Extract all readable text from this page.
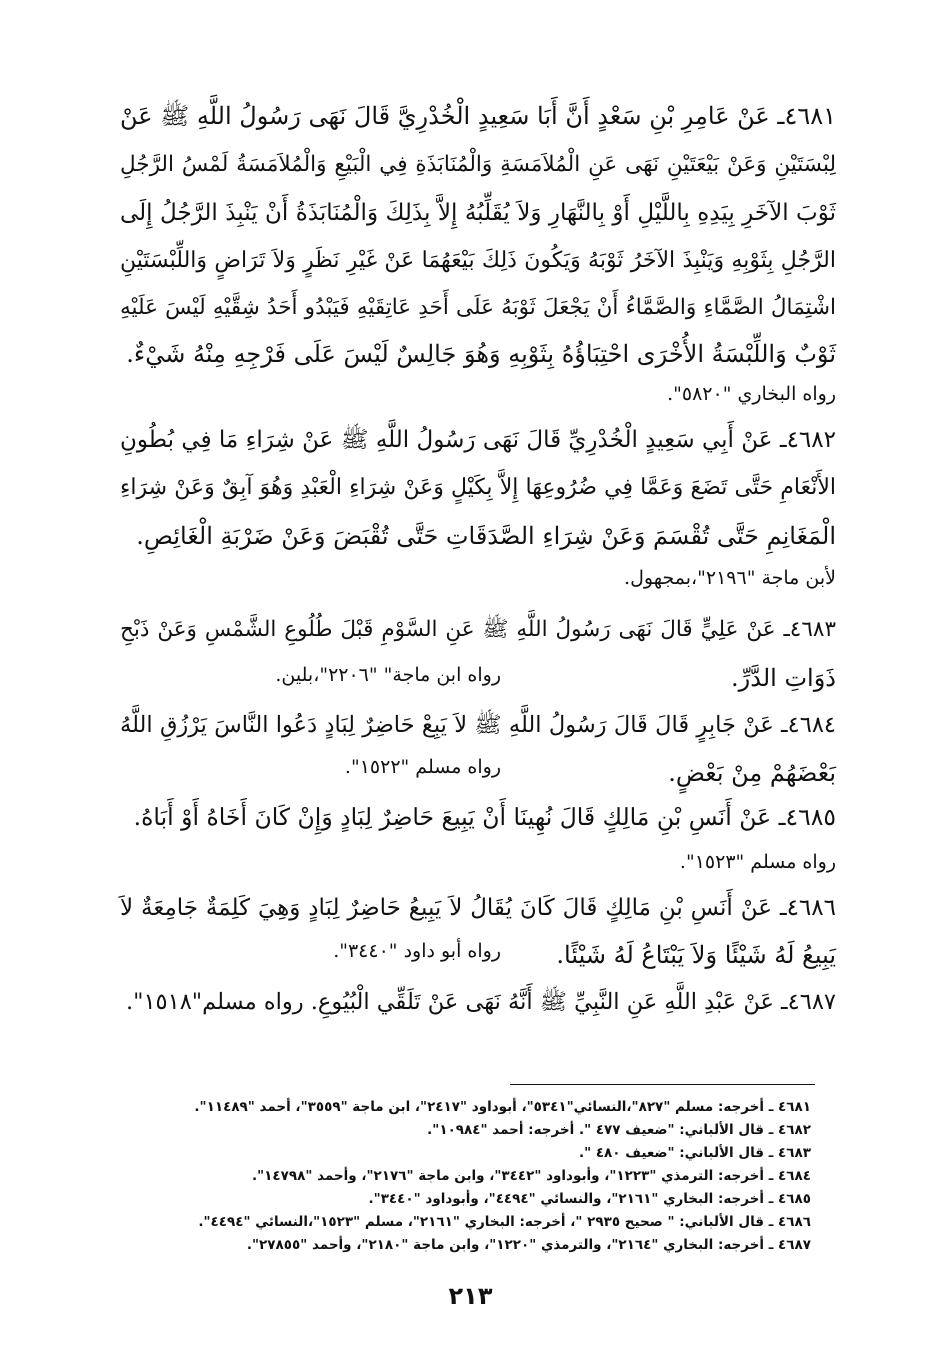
٤٦٨١ـ عَنْ عَامِرِ بْنِ سَعْدٍ أَنَّ أَبَا سَعِيدٍ الْخُدْرِيَّ قَالَ نَهَى رَسُولُ اللَّهِ ﷺ عَنْ
لِبْسَتَيْنِ وَعَنْ بَيْعَتَيْنِ نَهَى عَنِ الْمُلاَمَسَةِ وَالْمُنَابَذَةِ فِي الْبَيْعِ وَالْمُلاَمَسَةُ لَمْسُ الرَّجُلِ
ثَوْبَ الآخَرِ بِيَدِهِ بِاللَّيْلِ أَوْ بِالنَّهَارِ وَلاَ يُقَلِّبُهُ إِلاَّ بِذَلِكَ وَالْمُنَابَذَةُ أَنْ يَنْبِذَ الرَّجُلُ إِلَى
الرَّجُلِ بِثَوْبِهِ وَيَنْبِذَ الآخَرُ ثَوْبَهُ وَيَكُونَ ذَلِكَ بَيْعَهُمَا عَنْ غَيْرِ نَظَرٍ وَلاَ تَرَاضٍ وَاللِّبْسَتَيْنِ
اشْتِمَالُ الصَّمَّاءِ وَالصَّمَّاءُ أَنْ يَجْعَلَ ثَوْبَهُ عَلَى أَحَدِ عَاتِقَيْهِ فَيَبْدُو أَحَدُ شِقَّيْهِ لَيْسَ عَلَيْهِ
ثَوْبٌ وَاللِّبْسَةُ الأُخْرَى احْتِبَاؤُهُ بِثَوْبِهِ وَهُوَ جَالِسٌ لَيْسَ عَلَى فَرْجِهِ مِنْهُ شَيْءٌ.
رواه البخاري "٥٨٢٠".
٤٦٨٢ـ عَنْ أَبِي سَعِيدٍ الْخُدْرِيِّ قَالَ نَهَى رَسُولُ اللَّهِ ﷺ عَنْ شِرَاءِ مَا فِي بُطُونِ
الأَنْعَامِ حَتَّى تَضَعَ وَعَمَّا فِي ضُرُوعِهَا إِلاَّ بِكَيْلٍ وَعَنْ شِرَاءِ الْعَبْدِ وَهُوَ آبِقٌ وَعَنْ شِرَاءِ
الْمَغَانِمِ حَتَّى تُقْسَمَ وَعَنْ شِرَاءِ الصَّدَقَاتِ حَتَّى تُقْبَضَ وَعَنْ ضَرْبَةِ الْغَائِصِ.
لأبن ماجة "٢١٩٦"،بمجهول.
٤٦٨٣ـ عَنْ عَلِيٍّ قَالَ نَهَى رَسُولُ اللَّهِ ﷺ عَنِ السَّوْمِ قَبْلَ طُلُوعِ الشَّمْسِ وَعَنْ ذَبْحِ
ذَوَاتِ الدَّرِّ.
رواه ابن ماجة" "٢٢٠٦"،بلين.
٤٦٨٤ـ عَنْ جَابِرٍ قَالَ قَالَ رَسُولُ اللَّهِ ﷺ لاَ يَبِعْ حَاضِرٌ لِبَادٍ دَعُوا النَّاسَ يَرْزُقِ اللَّهُ
بَعْضَهُمْ مِنْ بَعْضٍ.
رواه مسلم "١٥٢٢".
٤٦٨٥ـ عَنْ أَنَسِ بْنِ مَالِكٍ قَالَ نُهِينَا أَنْ يَبِيعَ حَاضِرٌ لِبَادٍ وَإِنْ كَانَ أَخَاهُ أَوْ أَبَاهُ.
رواه مسلم "١٥٢٣".
٤٦٨٦ـ عَنْ أَنَسِ بْنِ مَالِكٍ قَالَ كَانَ يُقَالُ لاَ يَبِيعُ حَاضِرٌ لِبَادٍ وَهِيَ كَلِمَةٌ جَامِعَةٌ لاَ
يَبِيعُ لَهُ شَيْئًا وَلاَ يَبْتَاعُ لَهُ شَيْئًا.
رواه أبو داود "٣٤٤٠".
٤٦٨٧ـ عَنْ عَبْدِ اللَّهِ عَنِ النَّبِيِّ ﷺ أَنَّهُ نَهَى عَنْ تَلَقِّي الْبُيُوعِ. رواه مسلم"١٥١٨".
٤٦٨١ ـ أخرجه: مسلم "٨٢٧"،النسائي"٥٣٤١"، أبوداود "٢٤١٧"، ابن ماجة "٣٥٥٩"، أحمد "١١٤٨٩".
٤٦٨٢ ـ قال الألباني: "ضعيف ٤٧٧ ". أخرجه: أحمد "١٠٩٨٤".
٤٦٨٣ ـ قال الألباني: "ضعيف ٤٨٠ ".
٤٦٨٤ ـ أخرجه: الترمذي "١٢٢٣"، وأبوداود "٣٤٤٢"، وابن ماجة "٢١٧٦"، وأحمد "١٤٧٩٨".
٤٦٨٥ ـ أخرجه: البخاري "٢١٦١"، والنسائي "٤٤٩٤"، وأبوداود "٣٤٤٠".
٤٦٨٦ ـ قال الألباني: " صحيح ٢٩٣٥ "، أخرجه: البخاري "٢١٦١"، مسلم "١٥٢٣"،النسائي "٤٤٩٤".
٤٦٨٧ ـ أخرجه: البخاري "٢١٦٤"، والترمذي "١٢٢٠"، وابن ماجة "٢١٨٠"، وأحمد "٢٧٨٥٥".
٢١٣
